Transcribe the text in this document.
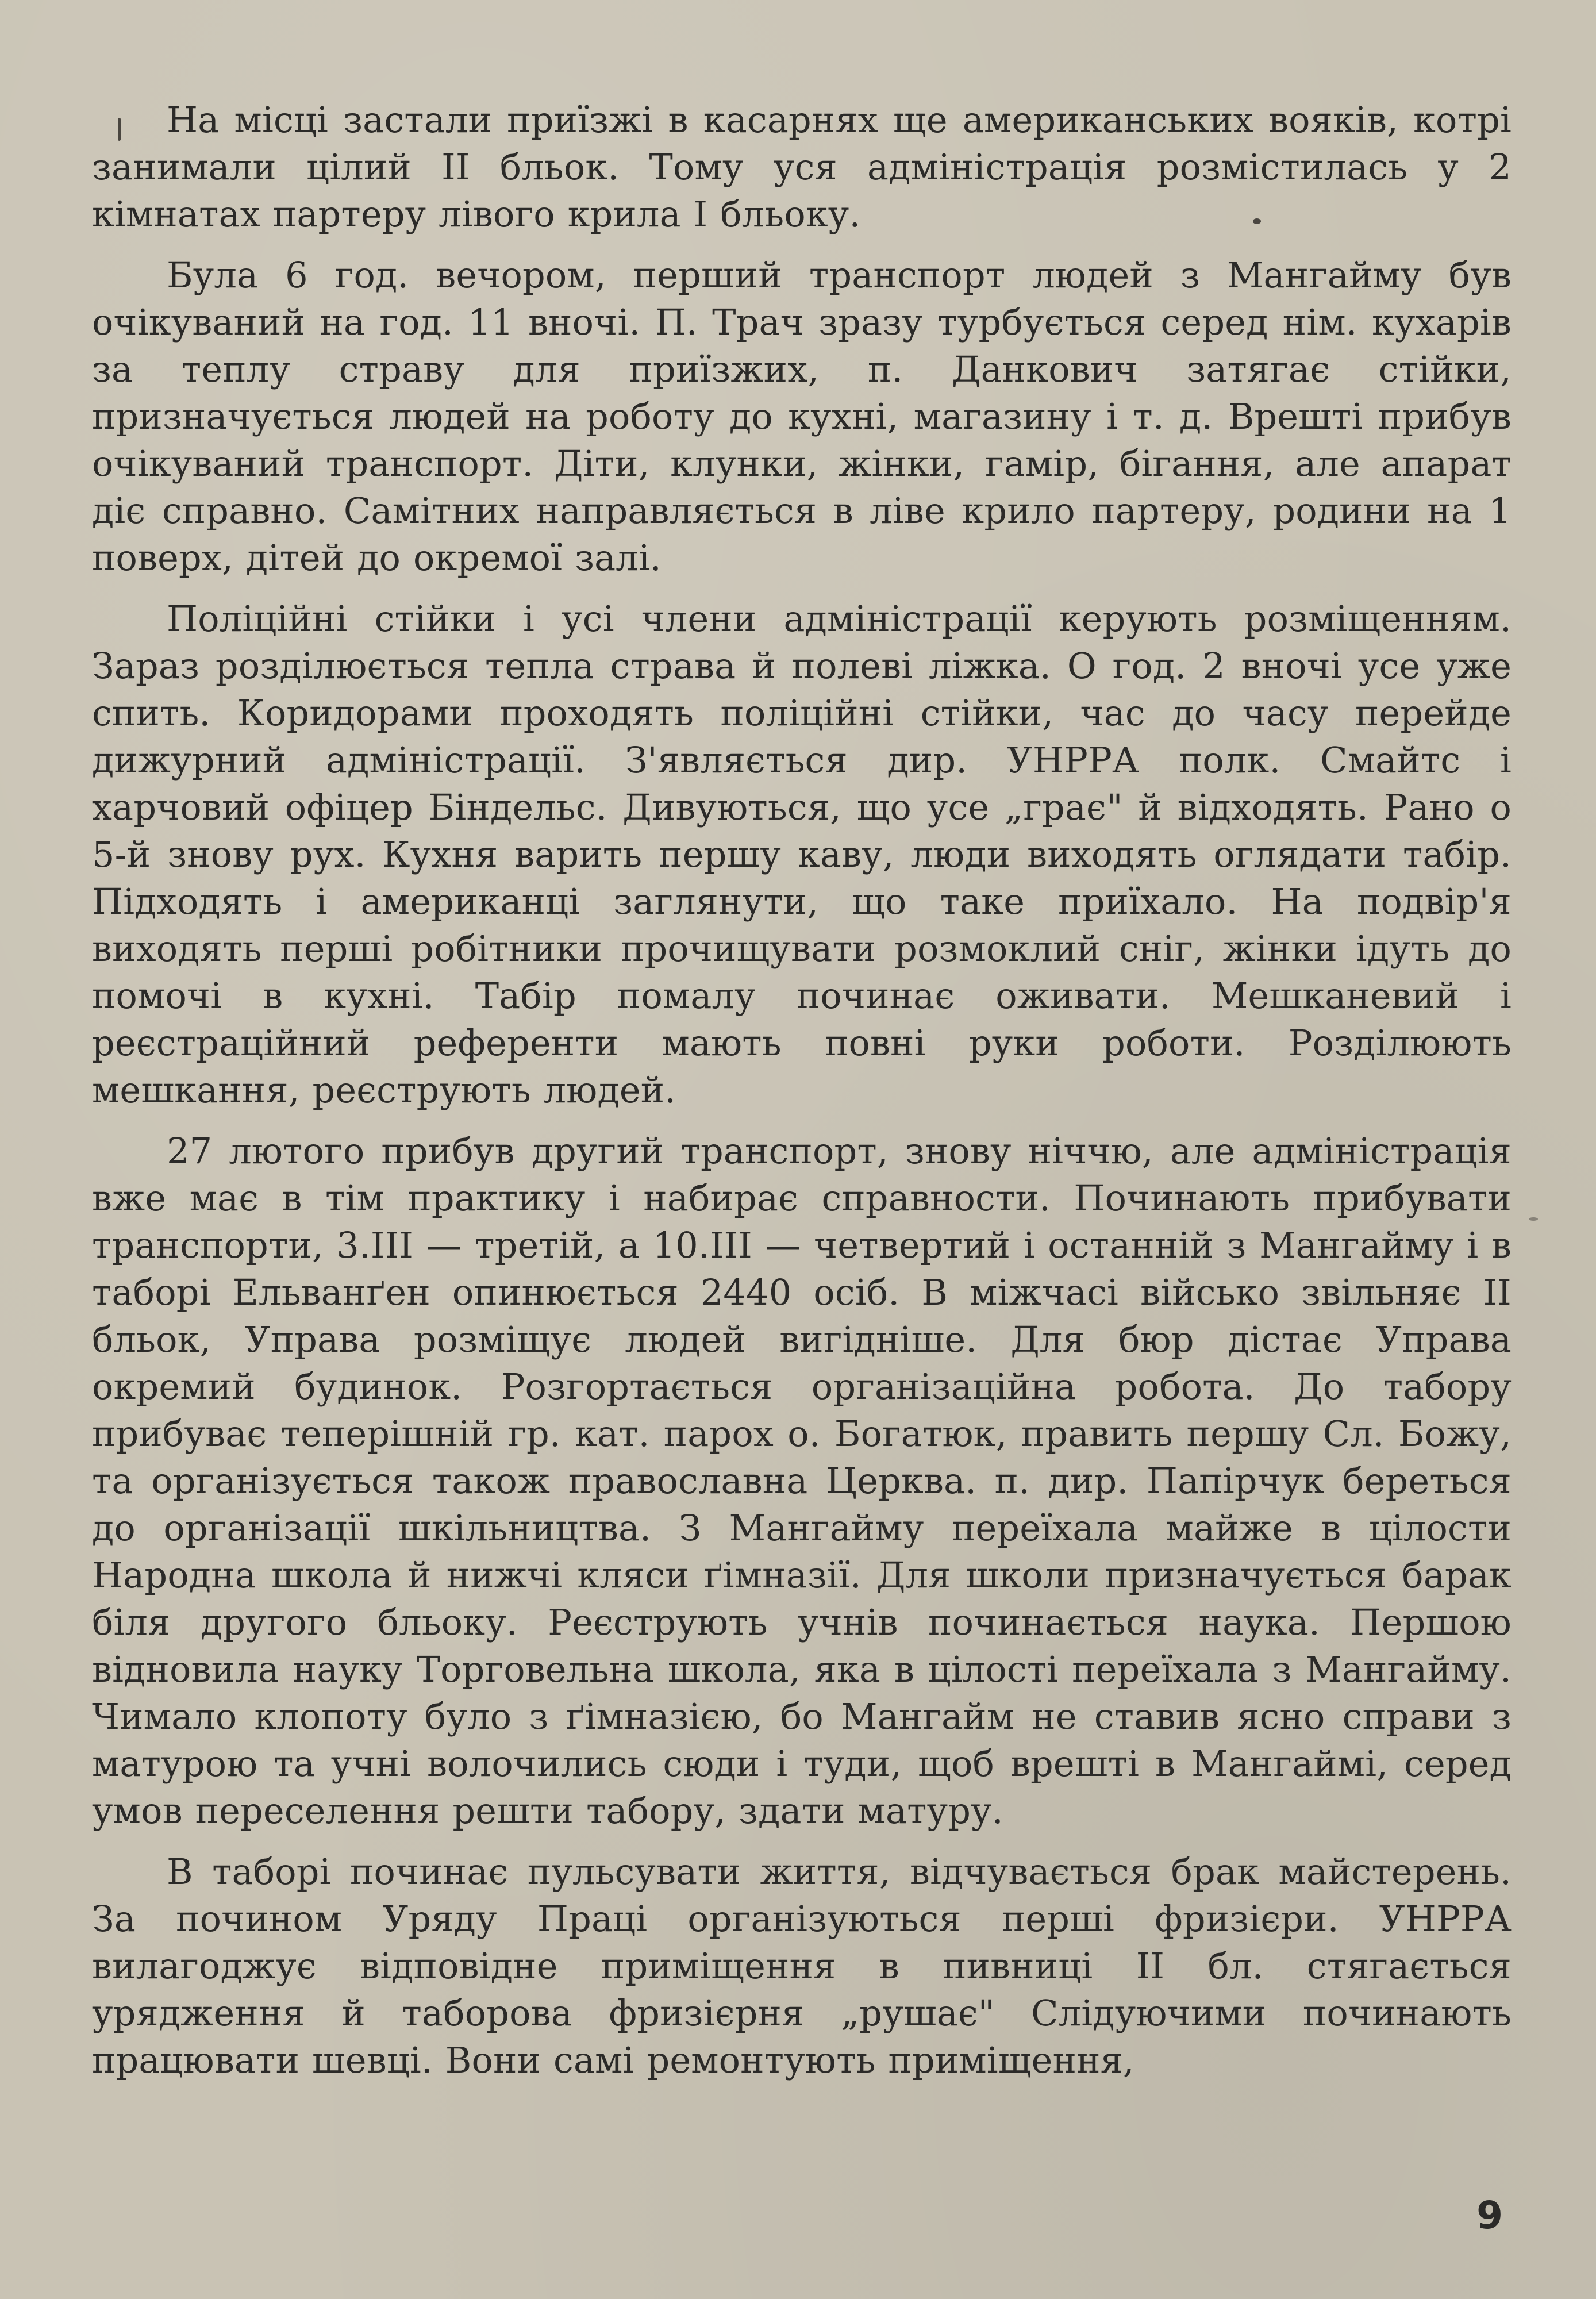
На місці застали приїзжі в касарнях ще американських вояків, котрі занимали цілий II бльок. Тому уся адміністрація розмістилась у 2 кімнатах партеру лівого крила I бльоку.

Була 6 год. вечором, перший транспорт людей з Мангайму був очікуваний на год. 11 вночі. П. Трач зразу турбується серед нім. кухарів за теплу страву для приїзжих, п. Данкович затягає стійки, призначується людей на роботу до кухні, магазину і т. д. Врешті прибув очікуваний транспорт. Діти, клунки, жінки, гамір, бігання, але апарат діє справно. Самітних направляється в ліве крило партеру, родини на 1 поверх, дітей до окремої залі.

Поліційні стійки і усі члени адміністрації керують розміщенням. Зараз розділюється тепла страва й полеві ліжка. О год. 2 вночі усе уже спить. Коридорами проходять поліційні стійки, час до часу перейде дижурний адміністрації. З'являється дир. УНРРА полк. Смайтс і харчовий офіцер Біндельс. Дивуються, що усе „грає" й відходять. Рано о 5-й знову рух. Кухня варить першу каву, люди виходять оглядати табір. Підходять і американці заглянути, що таке приїхало. На подвір'я виходять перші робітники прочищувати розмоклий сніг, жінки ідуть до помочі в кухні. Табір помалу починає оживати. Мешканевий і реєстраційний референти мають повні руки роботи. Розділюють мешкання, реєструють людей.

27 лютого прибув другий транспорт, знову ніччю, але адміністрація вже має в тім практику і набирає справности. Починають прибувати транспорти, 3.III — третій, а 10.III — четвертий і останній з Мангайму і в таборі Ельванґен опинюється 2440 осіб. В міжчасі військо звільняє II бльок, Управа розміщує людей вигідніше. Для бюр дістає Управа окремий будинок. Розгортається організаційна робота. До табору прибуває теперішній гр. кат. парох о. Богатюк, править першу Сл. Божу, та організується також православна Церква. п. дир. Папірчук береться до організації шкільництва. З Мангайму переїхала майже в цілости Народна школа й нижчі кляси ґімназії. Для школи призначується барак біля другого бльоку. Реєструють учнів починається наука. Першою відновила науку Торговельна школа, яка в цілості переїхала з Мангайму. Чимало клопоту було з ґімназією, бо Мангайм не ставив ясно справи з матурою та учні волочились сюди і туди, щоб врешті в Мангаймі, серед умов переселення решти табору, здати матуру.

В таборі починає пульсувати життя, відчувається брак майстерень. За почином Уряду Праці організуються перші фризієри. УНРРА вилагоджує відповідне приміщення в пивниці II бл. стягається урядження й таборова фризієрня „рушає" Слідуючими починають працювати шевці. Вони самі ремонтують приміщення,

9
